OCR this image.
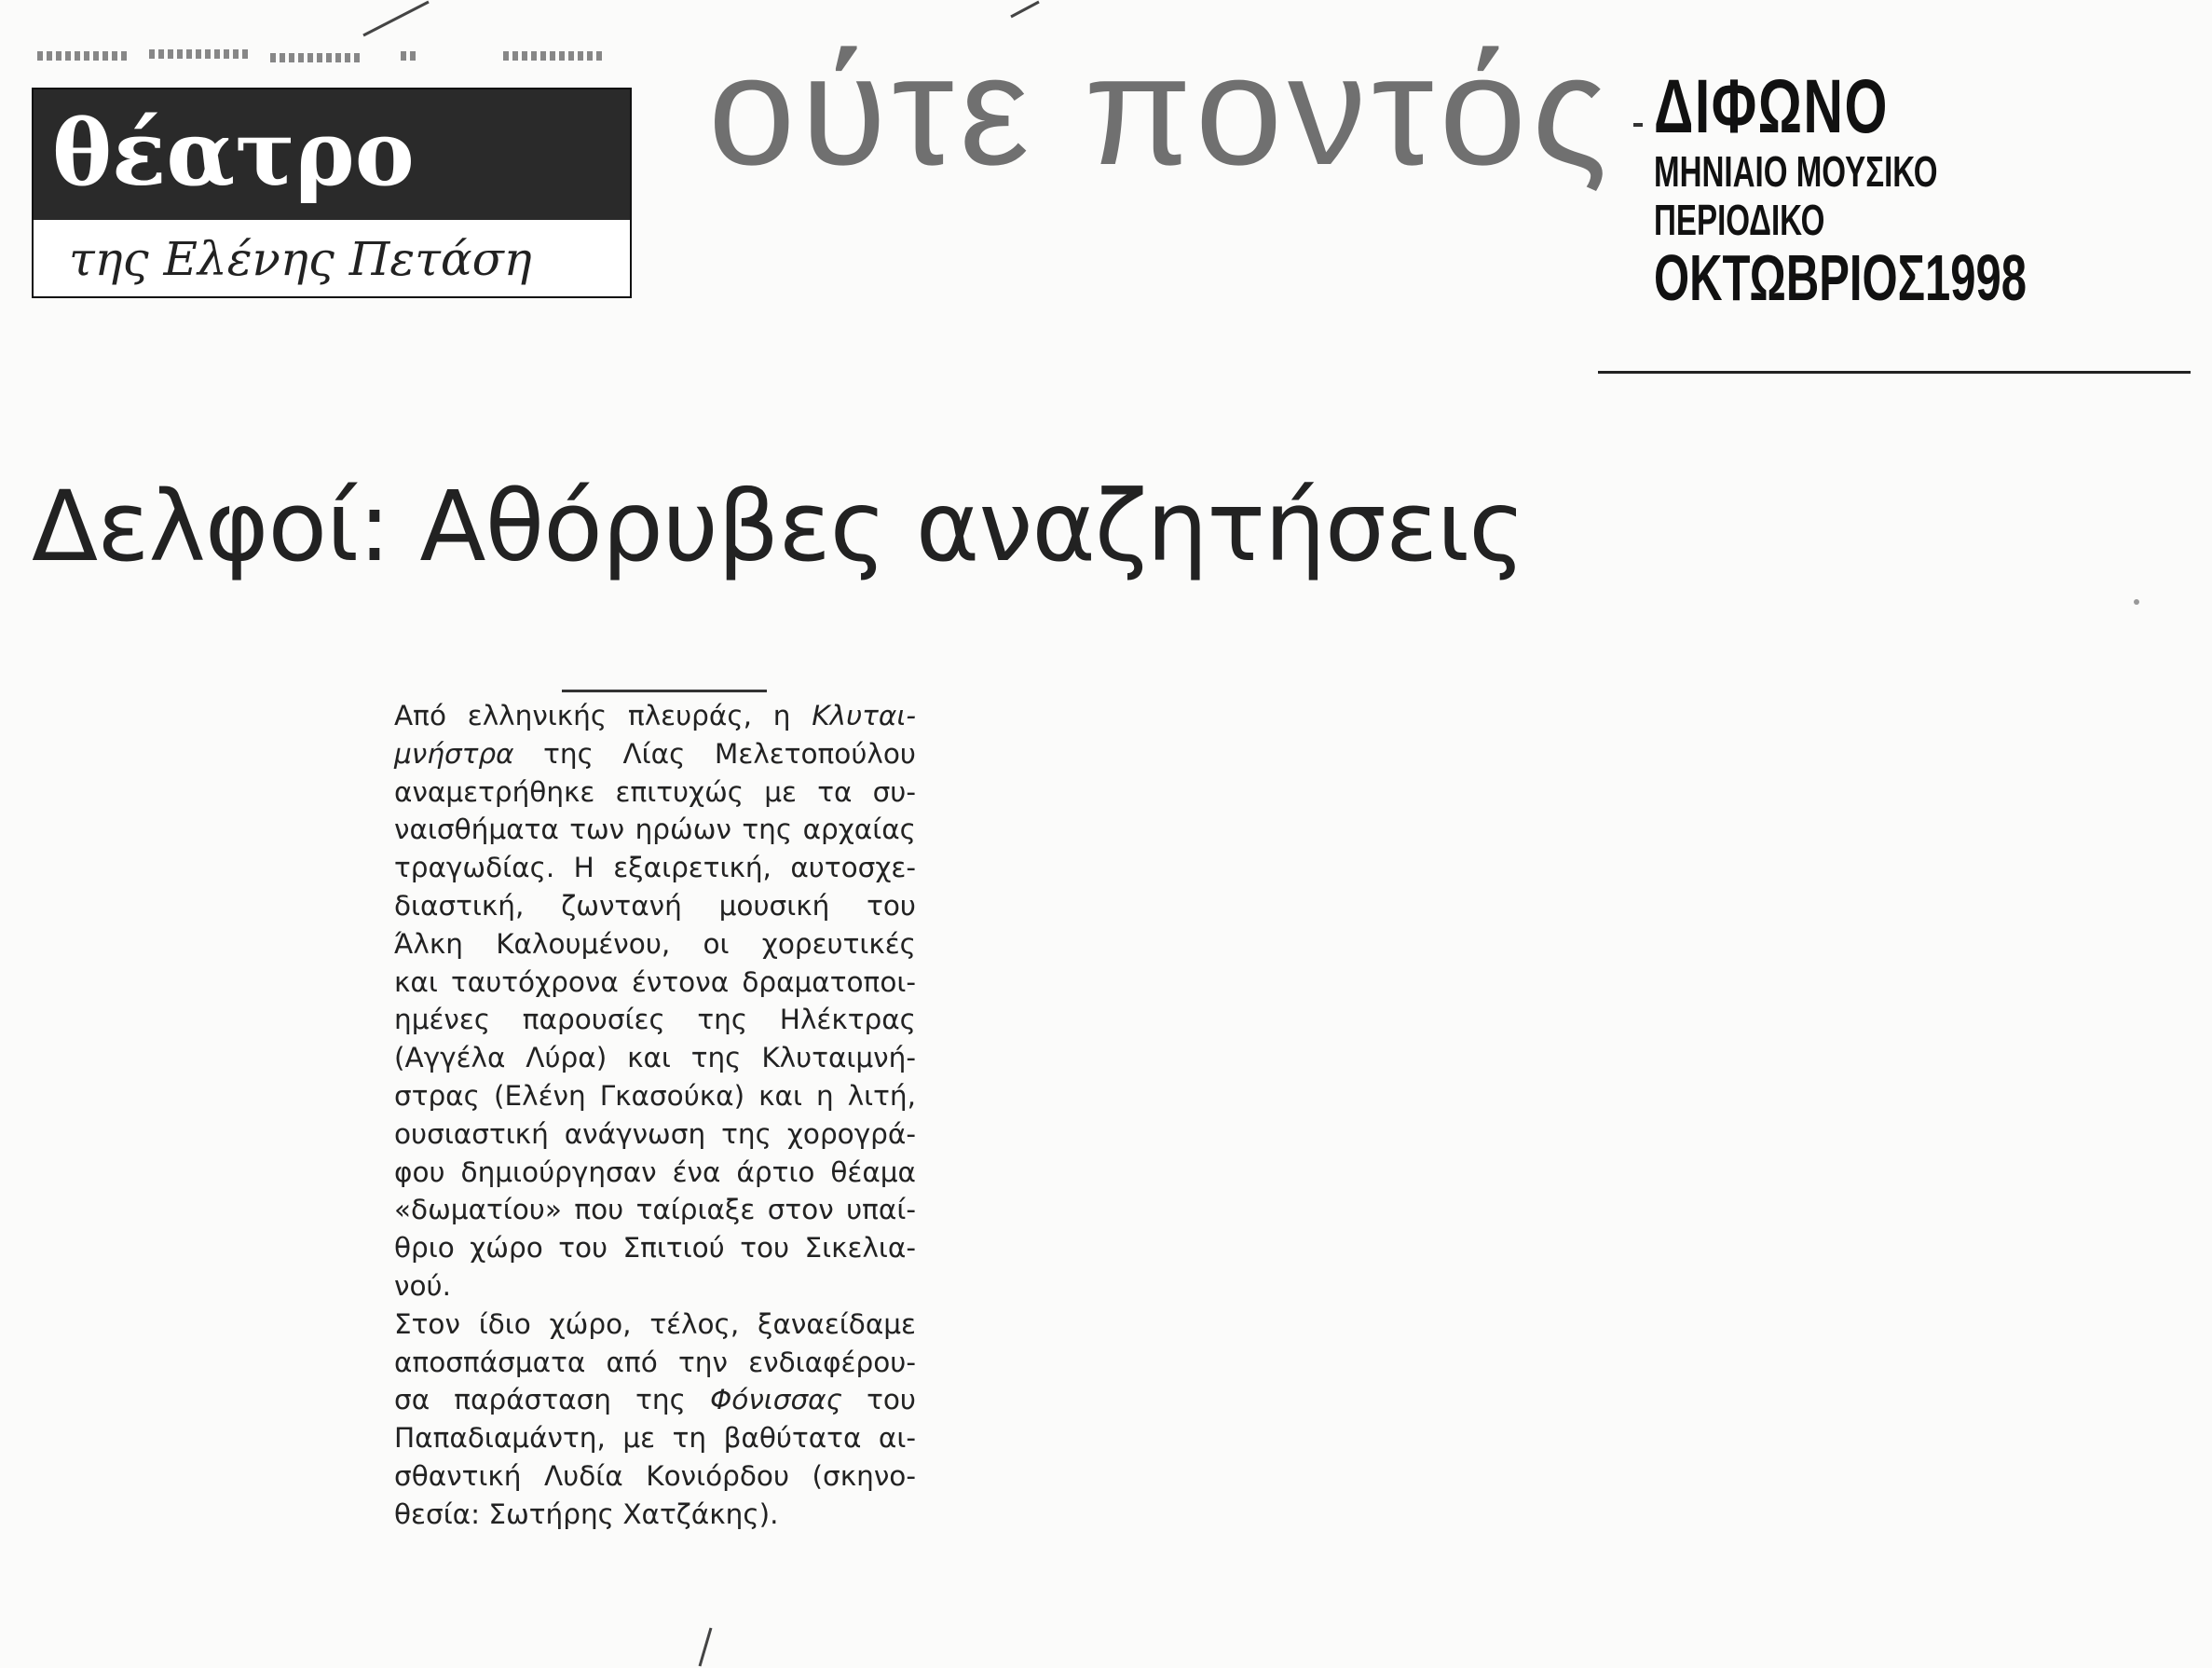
ούτε ποντός
θέατρο
της Ελένης Πετάση
ΔΙΦΩΝΟ
ΜΗΝΙΑΙΟ ΜΟΥΣΙΚΟ
ΠΕΡΙΟΔΙΚΟ
ΟΚΤΩΒΡΙΟΣ1998
Δελφοί: Αθόρυβες αναζητήσεις
Από ελληνικής πλευράς, η Κλυται-
μνήστρα της Λίας Μελετοπούλου
αναμετρήθηκε επιτυχώς με τα συ-
ναισθήματα των ηρώων της αρχαίας
τραγωδίας. Η εξαιρετική, αυτοσχε-
διαστική, ζωντανή μουσική του
Άλκη Καλουμένου, οι χορευτικές
και ταυτόχρονα έντονα δραματοποι-
ημένες παρουσίες της Ηλέκτρας
(Αγγέλα Λύρα) και της Κλυταιμνή-
στρας (Ελένη Γκασούκα) και η λιτή,
ουσιαστική ανάγνωση της χορογρά-
φου δημιούργησαν ένα άρτιο θέαμα
«δωματίου» που ταίριαξε στον υπαί-
θριο χώρο του Σπιτιού του Σικελια-
νού.
Στον ίδιο χώρο, τέλος, ξαναείδαμε
αποσπάσματα από την ενδιαφέρου-
σα παράσταση της Φόνισσας του
Παπαδιαμάντη, με τη βαθύτατα αι-
σθαντική Λυδία Κονιόρδου (σκηνο-
θεσία: Σωτήρης Χατζάκης).
